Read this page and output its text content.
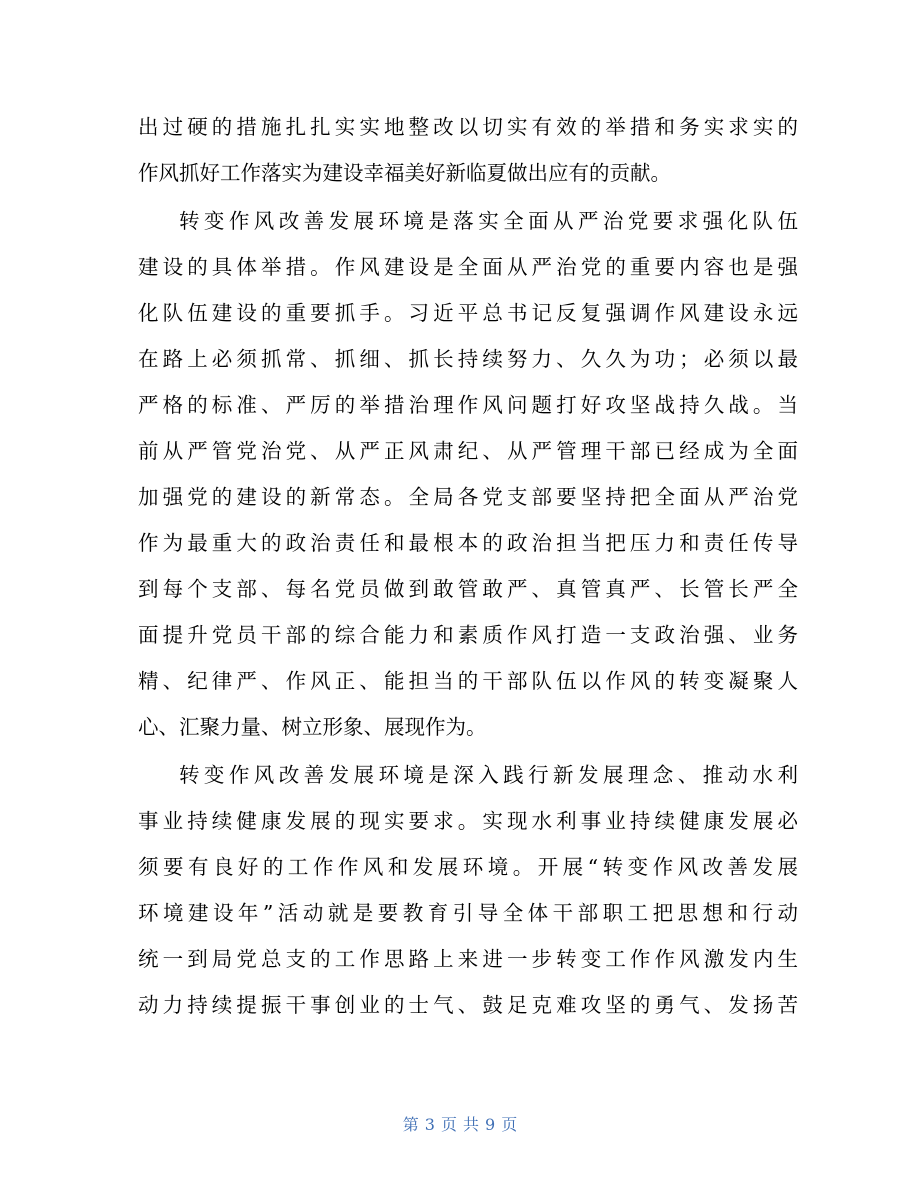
出过硬的措施扎扎实实地整改以切实有效的举措和务实求实的
作风抓好工作落实为建设幸福美好新临夏做出应有的贡献。
转变作风改善发展环境是落实全面从严治党要求强化队伍
建设的具体举措。作风建设是全面从严治党的重要内容也是强
化队伍建设的重要抓手。习近平总书记反复强调作风建设永远
在路上必须抓常、抓细、抓长持续努力、久久为功；必须以最
严格的标准、严厉的举措治理作风问题打好攻坚战持久战。当
前从严管党治党、从严正风肃纪、从严管理干部已经成为全面
加强党的建设的新常态。全局各党支部要坚持把全面从严治党
作为最重大的政治责任和最根本的政治担当把压力和责任传导
到每个支部、每名党员做到敢管敢严、真管真严、长管长严全
面提升党员干部的综合能力和素质作风打造一支政治强、业务
精、纪律严、作风正、能担当的干部队伍以作风的转变凝聚人
心、汇聚力量、树立形象、展现作为。
转变作风改善发展环境是深入践行新发展理念、推动水利
事业持续健康发展的现实要求。实现水利事业持续健康发展必
须要有良好的工作作风和发展环境。开展“转变作风改善发展
环境建设年”活动就是要教育引导全体干部职工把思想和行动
统一到局党总支的工作思路上来进一步转变工作作风激发内生
动力持续提振干事创业的士气、鼓足克难攻坚的勇气、发扬苦
第 3 页 共 9 页
